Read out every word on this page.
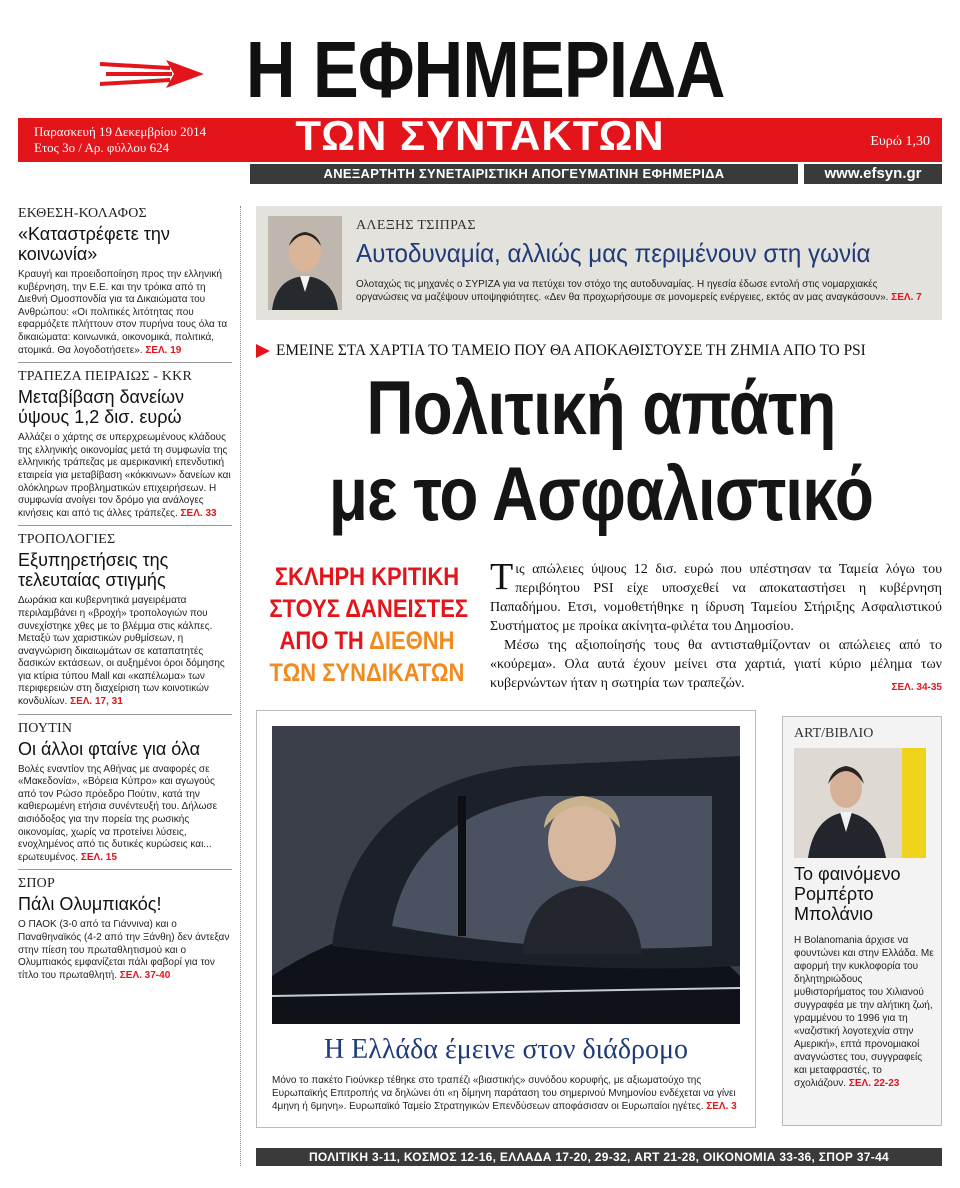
Η ΕΦΗΜΕΡΙΔΑ
ΤΩΝ ΣΥΝΤΑΚΤΩΝ
Παρασκευή 19 Δεκεμβρίου 2014
Ετος 3ο / Αρ. φύλλου 624	Ευρώ 1,30
ΑΝΕΞΑΡΤΗΤΗ ΣΥΝΕΤΑΙΡΙΣΤΙΚΗ ΑΠΟΓΕΥΜΑΤΙΝΗ ΕΦΗΜΕΡΙΔΑ	www.efsyn.gr
ΕΚΘΕΣΗ-ΚΟΛΑΦΟΣ
«Καταστρέφετε την κοινωνία»
Κραυγή και προειδοποίηση προς την ελληνική κυβέρνηση, την Ε.Ε. και την τρόικα από τη Διεθνή Ομοσπονδία για τα Δικαιώματα του Ανθρώπου: «Οι πολιτικές λιτότητας που εφαρμόζετε πλήττουν στον πυρήνα τους όλα τα δικαιώματα: κοινωνικά, οικονομικά, πολιτικά, ατομικά. Θα λογοδοτήσετε». ΣΕΛ. 19
ΤΡΑΠΕΖΑ ΠΕΙΡΑΙΩΣ - KKR
Μεταβίβαση δανείων ύψους 1,2 δισ. ευρώ
Αλλάζει ο χάρτης σε υπερχρεωμένους κλάδους της ελληνικής οικονομίας μετά τη συμφωνία της ελληνικής τράπεζας με αμερικανική επενδυτική εταιρεία για μεταβίβαση «κόκκινων» δανείων και ολόκληρων προβληματικών επιχειρήσεων. Η συμφωνία ανοίγει τον δρόμο για ανάλογες κινήσεις και από τις άλλες τράπεζες. ΣΕΛ. 33
ΤΡΟΠΟΛΟΓΙΕΣ
Εξυπηρετήσεις της τελευταίας στιγμής
Δωράκια και κυβερνητικά μαγειρέματα περιλαμβάνει η «βροχή» τροπολογιών που συνεχίστηκε χθες με το βλέμμα στις κάλπες. Μεταξύ των χαριστικών ρυθμίσεων, η αναγνώριση δικαιωμάτων σε καταπατητές δασικών εκτάσεων, οι αυξημένοι όροι δόμησης για κτίρια τύπου Mall και «καπέλωμα» των περιφερειών στη διαχείριση των κοινοτικών κονδυλίων. ΣΕΛ. 17, 31
ΠΟΥΤΙΝ
Οι άλλοι φταίνε για όλα
Βολές εναντίον της Αθήνας με αναφορές σε «Μακεδονία», «Βόρεια Κύπρο» και αγωγούς από τον Ρώσο πρόεδρο Πούτιν, κατά την καθιερωμένη ετήσια συνέντευξή του. Δήλωσε αισιόδοξος για την πορεία της ρωσικής οικονομίας, χωρίς να προτείνει λύσεις, ενοχλημένος από τις δυτικές κυρώσεις και... ερωτευμένος. ΣΕΛ. 15
ΣΠΟΡ
Πάλι Ολυμπιακός!
Ο ΠΑΟΚ (3-0 από τα Γιάννινα) και ο Παναθηναϊκός (4-2 από την Ξάνθη) δεν άντεξαν στην πίεση του πρωταθλητισμού και ο Ολυμπιακός εμφανίζεται πάλι φαβορί για τον τίτλο του πρωταθλητή. ΣΕΛ. 37-40
ΑΛΕΞΗΣ ΤΣΙΠΡΑΣ
Αυτοδυναμία, αλλιώς μας περιμένουν στη γωνία
Ολοταχώς τις μηχανές ο ΣΥΡΙΖΑ για να πετύχει τον στόχο της αυτοδυναμίας. Η ηγεσία έδωσε εντολή στις νομαρχιακές οργανώσεις να μαζέψουν υποψηφιότητες. «Δεν θα προχωρήσουμε σε μονομερείς ενέργειες, εκτός αν μας αναγκάσουν». ΣΕΛ. 7
ΕΜΕΙΝΕ ΣΤΑ ΧΑΡΤΙΑ ΤΟ ΤΑΜΕΙΟ ΠΟΥ ΘΑ ΑΠΟΚΑΘΙΣΤΟΥΣΕ ΤΗ ΖΗΜΙΑ ΑΠΟ ΤΟ PSI
Πολιτική απάτη
με το Ασφαλιστικό
ΣΚΛΗΡΗ ΚΡΙΤΙΚΗ
ΣΤΟΥΣ ΔΑΝΕΙΣΤΕΣ
ΑΠΟ ΤΗ ΔΙΕΘΝΗ
ΤΩΝ ΣΥΝΔΙΚΑΤΩΝ

Τις απώλειες ύψους 12 δισ. ευρώ που υπέστησαν τα Ταμεία λόγω του περιβόητου PSI είχε υποσχεθεί να αποκαταστήσει η κυβέρνηση Παπαδήμου. Ετσι, νομοθετήθηκε η ίδρυση Ταμείου Στήριξης Ασφαλιστικού Συστήματος με προίκα ακίνητα-φιλέτα του Δημοσίου.

Μέσω της αξιοποίησής τους θα αντισταθμίζονταν οι απώλειες από το «κούρεμα». Ολα αυτά έχουν μείνει στα χαρτιά, γιατί κύριο μέλημα των κυβερνώντων ήταν η σωτηρία των τραπεζών.	ΣΕΛ. 34-35

Η Ελλάδα έμεινε στον διάδρομο
Μόνο το πακέτο Γιούνκερ τέθηκε στο τραπέζι «βιαστικής» συνόδου κορυφής, με αξιωματούχο της Ευρωπαϊκής Επιτροπής να δηλώνει ότι «η δίμηνη παράταση του σημερινού Μνημονίου ενδέχεται να γίνει 4μηνη ή 6μηνη». Ευρωπαϊκό Ταμείο Στρατηγικών Επενδύσεων αποφάσισαν οι Ευρωπαίοι ηγέτες. ΣΕΛ. 3
ART/ΒΙΒΛΙΟ
Το φαινόμενο Ρομπέρτο Μπολάνιο
Η Bolanomania άρχισε να φουντώνει και στην Ελλάδα. Με αφορμή την κυκλοφορία του δηλητηριώδους μυθιστορήματος του Χιλιανού συγγραφέα με την αλήτικη ζωή, γραμμένου το 1996 για τη «ναζιστική λογοτεχνία στην Αμερική», επτά προνομιακοί αναγνώστες του, συγγραφείς και μεταφραστές, το σχολιάζουν. ΣΕΛ. 22-23
ΠΟΛΙΤΙΚΗ 3-11, ΚΟΣΜΟΣ 12-16, ΕΛΛΑΔΑ 17-20, 29-32, ART 21-28, ΟΙΚΟΝΟΜΙΑ 33-36, ΣΠΟΡ 37-44
